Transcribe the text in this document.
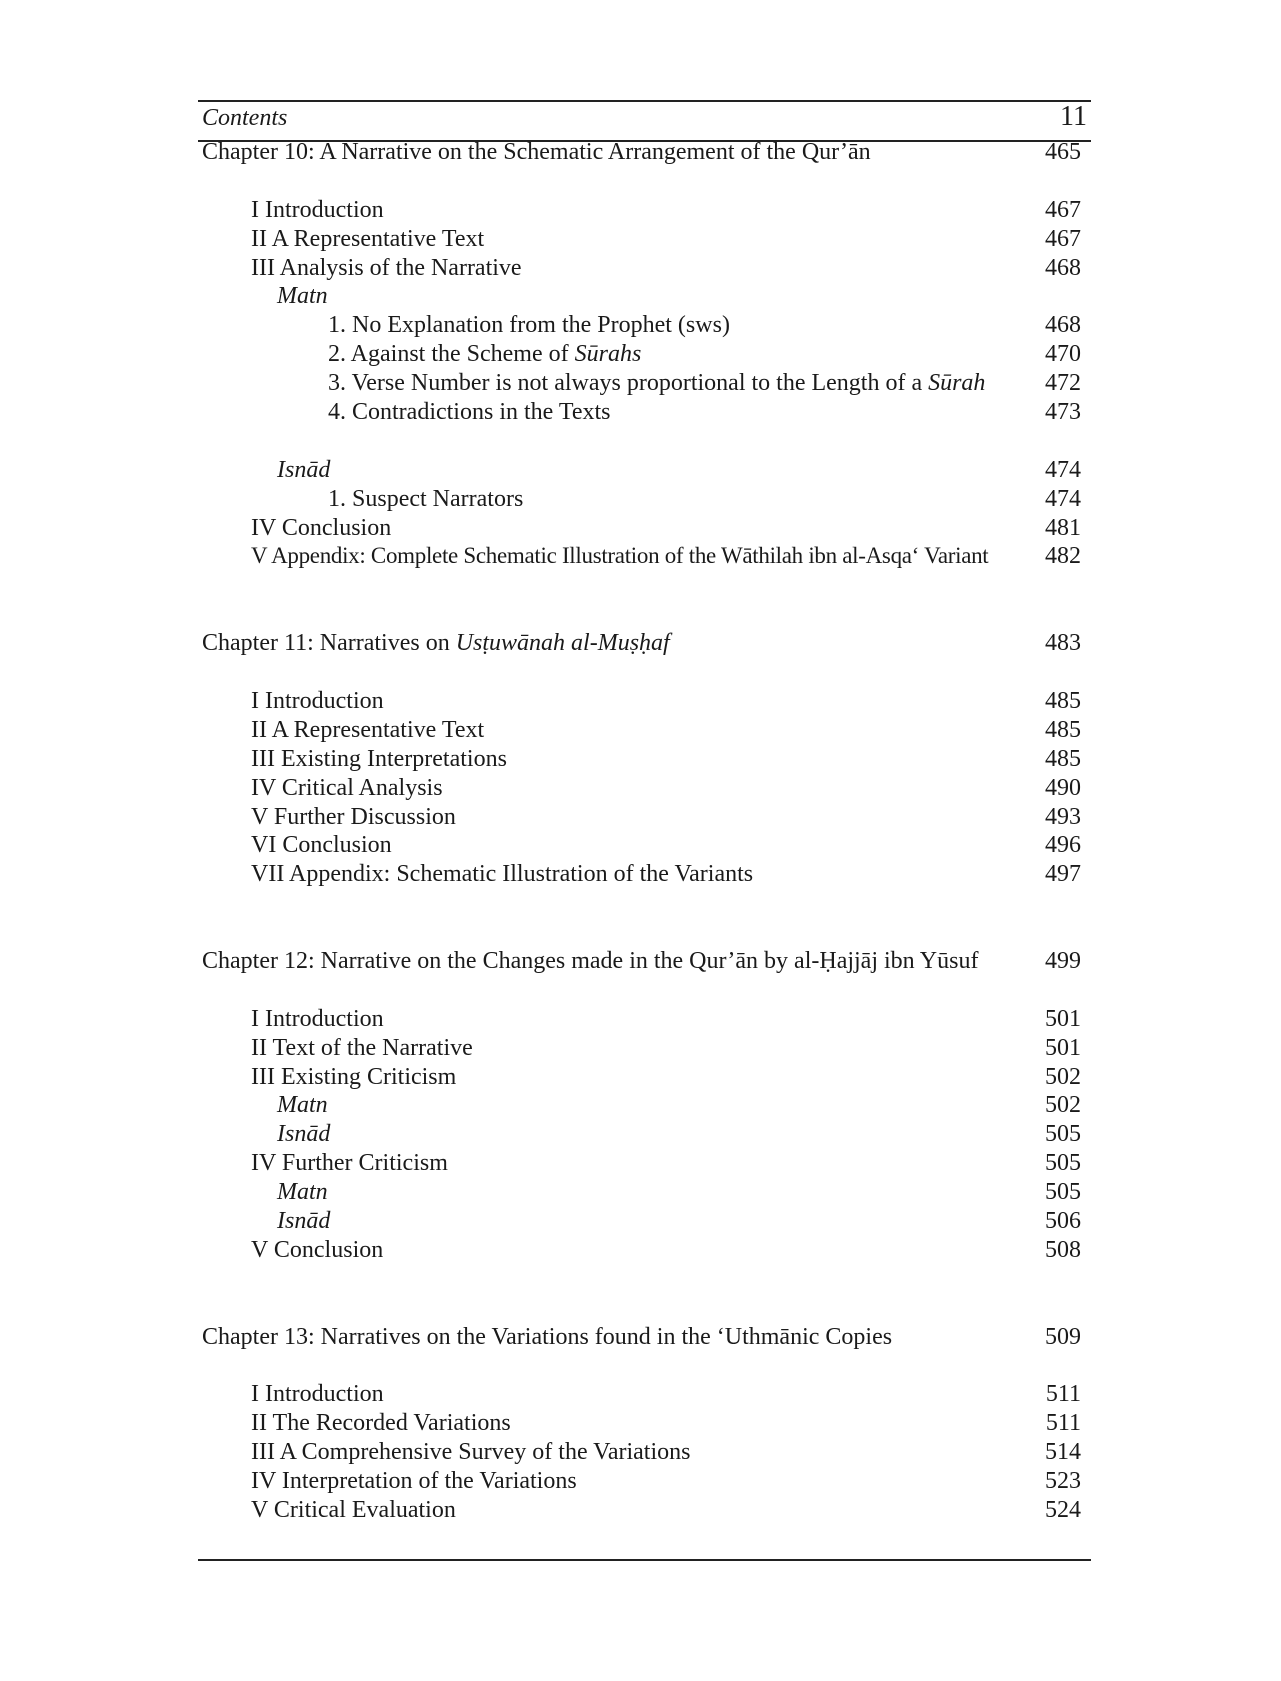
Contents	11
Chapter 10: A Narrative on the Schematic Arrangement of the Qur’ān	465
I Introduction	467
II A Representative Text	467
III Analysis of the Narrative	468
Matn
1. No Explanation from the Prophet (sws)	468
2. Against the Scheme of Sūrahs	470
3. Verse Number is not always proportional to the Length of a Sūrah 472
4. Contradictions in the Texts	473
Isnād	474
1. Suspect Narrators	474
IV Conclusion	481
V Appendix: Complete Schematic Illustration of the Wāthilah ibn al-Asqa‘ Variant 482
Chapter 11: Narratives on Usṭuwānah al-Muṣḥaf	483
I Introduction	485
II A Representative Text	485
III Existing Interpretations	485
IV Critical Analysis	490
V Further Discussion	493
VI Conclusion	496
VII Appendix: Schematic Illustration of the Variants	497
Chapter 12: Narrative on the Changes made in the Qur’ān by al-Ḥajjāj ibn Yūsuf	499
I Introduction	501
II Text of the Narrative	501
III Existing Criticism	502
Matn	502
Isnād	505
IV Further Criticism	505
Matn	505
Isnād	506
V Conclusion	508
Chapter 13: Narratives on the Variations found in the ‘Uthmānic Copies	509
I Introduction	511
II The Recorded Variations	511
III A Comprehensive Survey of the Variations	514
IV Interpretation of the Variations	523
V Critical Evaluation	524
